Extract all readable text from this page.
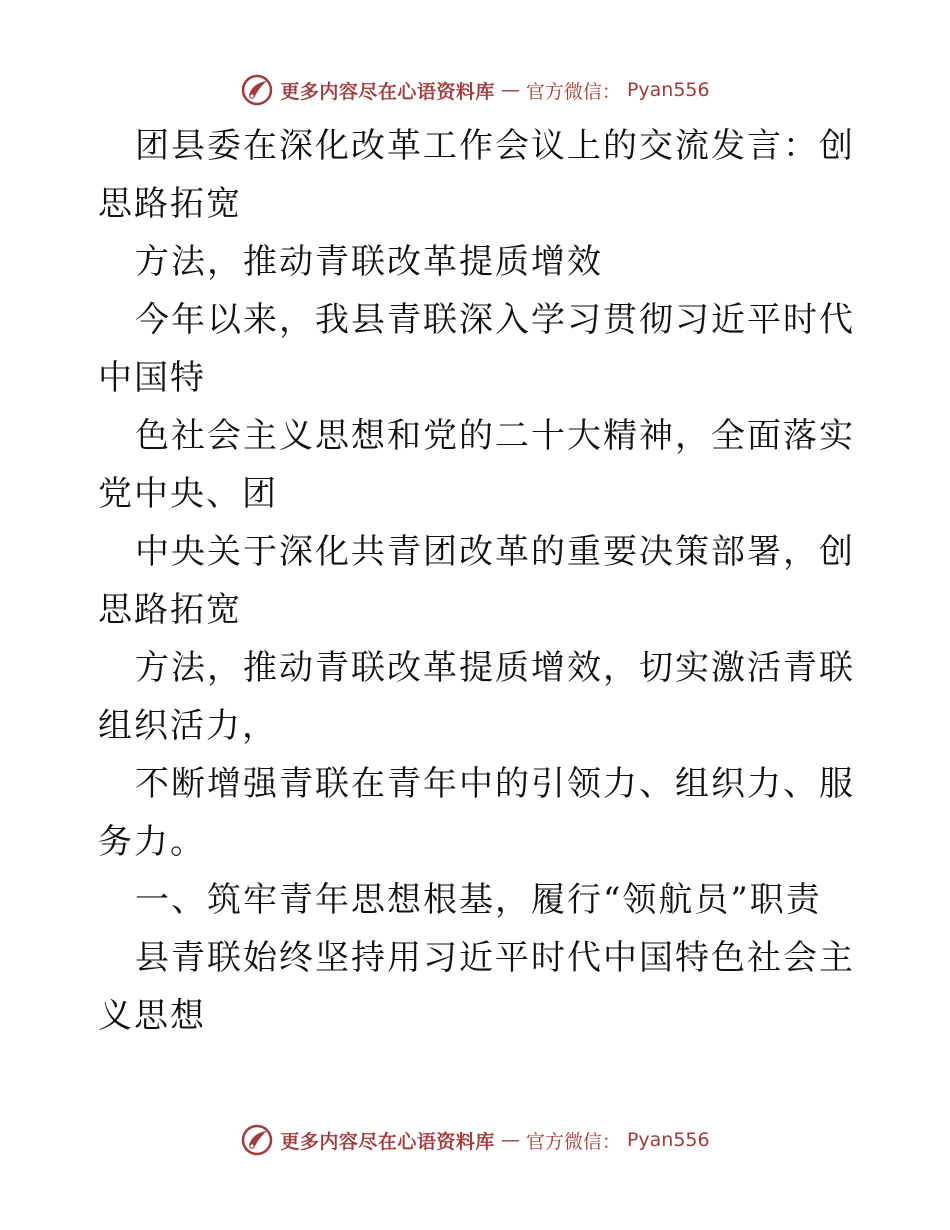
更多内容尽在心语资料库 — 官方微信： Pyan556

团县委在深化改革工作会议上的交流发言：创思路拓宽

方法，推动青联改革提质增效

今年以来，我县青联深入学习贯彻习近平时代中国特

色社会主义思想和党的二十大精神，全面落实党中央、团

中央关于深化共青团改革的重要决策部署，创思路拓宽

方法，推动青联改革提质增效，切实激活青联组织活力，

不断增强青联在青年中的引领力、组织力、服务力。

一、筑牢青年思想根基，履行“领航员”职责

县青联始终坚持用习近平时代中国特色社会主义思想

更多内容尽在心语资料库 — 官方微信： Pyan556
